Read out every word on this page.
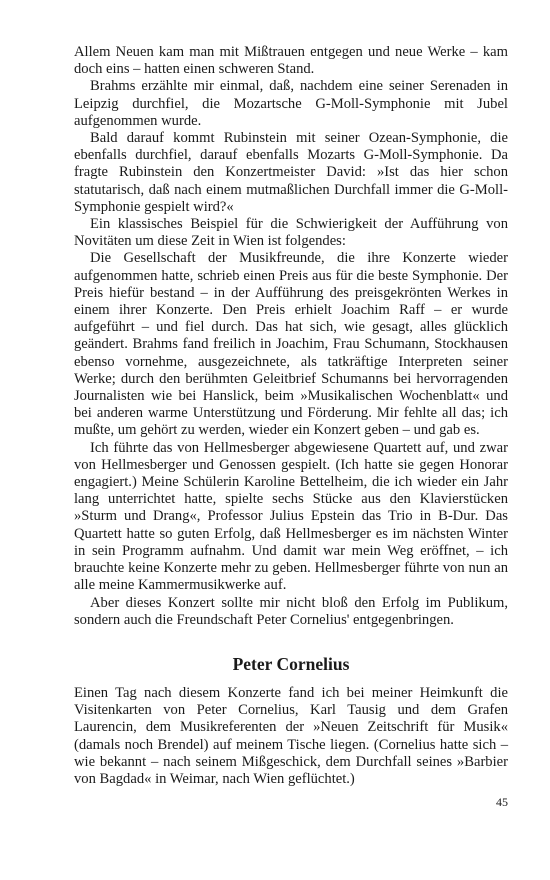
Allem Neuen kam man mit Mißtrauen entgegen und neue Werke – kam doch eins – hatten einen schweren Stand.

Brahms erzählte mir einmal, daß, nachdem eine seiner Serenaden in Leipzig durchfiel, die Mozartsche G-Moll-Symphonie mit Jubel aufgenommen wurde.

Bald darauf kommt Rubinstein mit seiner Ozean-Symphonie, die ebenfalls durchfiel, darauf ebenfalls Mozarts G-Moll-Symphonie. Da fragte Rubinstein den Konzertmeister David: »Ist das hier schon statutarisch, daß nach einem mutmaßlichen Durchfall immer die G-Moll-Symphonie gespielt wird?«

Ein klassisches Beispiel für die Schwierigkeit der Aufführung von Novitäten um diese Zeit in Wien ist folgendes:

Die Gesellschaft der Musikfreunde, die ihre Konzerte wieder aufgenommen hatte, schrieb einen Preis aus für die beste Symphonie. Der Preis hiefür bestand – in der Aufführung des preisgekrönten Werkes in einem ihrer Konzerte. Den Preis erhielt Joachim Raff – er wurde aufgeführt – und fiel durch. Das hat sich, wie gesagt, alles glücklich geändert. Brahms fand freilich in Joachim, Frau Schumann, Stockhausen ebenso vornehme, ausgezeichnete, als tatkräftige Interpreten seiner Werke; durch den berühmten Geleitbrief Schumanns bei hervorragenden Journalisten wie bei Hanslick, beim »Musikalischen Wochenblatt« und bei anderen warme Unterstützung und Förderung. Mir fehlte all das; ich mußte, um gehört zu werden, wieder ein Konzert geben – und gab es.

Ich führte das von Hellmesberger abgewiesene Quartett auf, und zwar von Hellmesberger und Genossen gespielt. (Ich hatte sie gegen Honorar engagiert.) Meine Schülerin Karoline Bettelheim, die ich wieder ein Jahr lang unterrichtet hatte, spielte sechs Stücke aus den Klavierstücken »Sturm und Drang«, Professor Julius Epstein das Trio in B-Dur. Das Quartett hatte so guten Erfolg, daß Hellmesberger es im nächsten Winter in sein Programm aufnahm. Und damit war mein Weg eröffnet, – ich brauchte keine Konzerte mehr zu geben. Hellmesberger führte von nun an alle meine Kammermusikwerke auf.

Aber dieses Konzert sollte mir nicht bloß den Erfolg im Publikum, sondern auch die Freundschaft Peter Cornelius' entgegenbringen.

Peter Cornelius

Einen Tag nach diesem Konzerte fand ich bei meiner Heimkunft die Visitenkarten von Peter Cornelius, Karl Tausig und dem Grafen Laurencin, dem Musikreferenten der »Neuen Zeitschrift für Musik« (damals noch Brendel) auf meinem Tische liegen. (Cornelius hatte sich – wie bekannt – nach seinem Mißgeschick, dem Durchfall seines »Barbier von Bagdad« in Weimar, nach Wien geflüchtet.)

45
